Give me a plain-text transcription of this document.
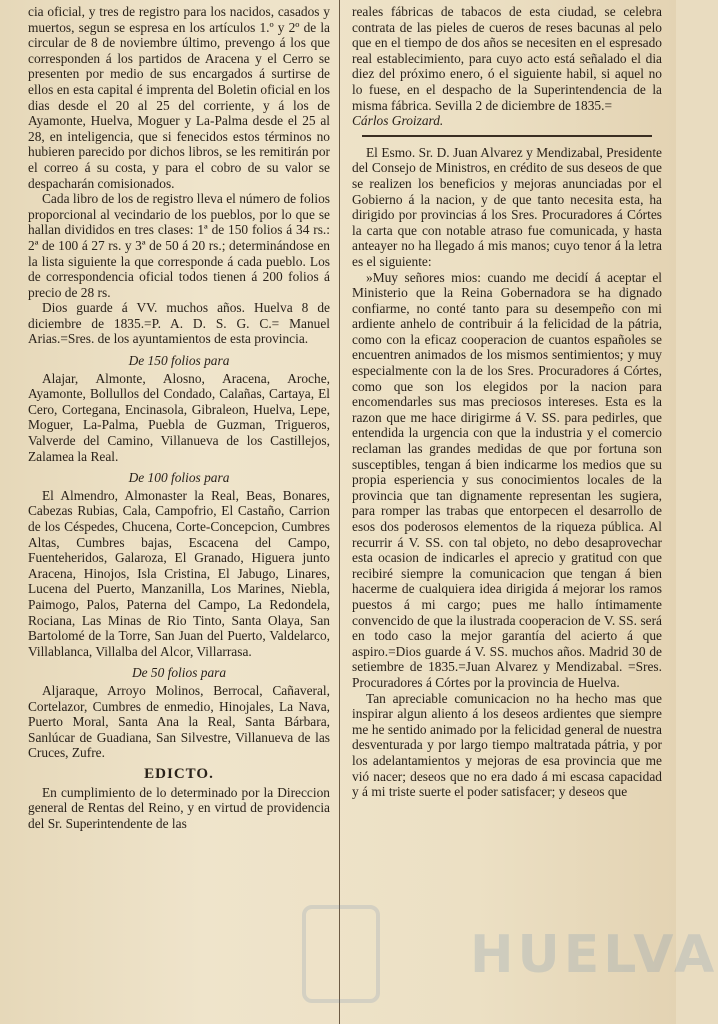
cia oficial, y tres de registro para los nacidos, casados y muertos, segun se espresa en los artículos 1.º y 2º de la circular de 8 de noviembre último, prevengo á los que corresponden á los partidos de Aracena y el Cerro se presenten por medio de sus encargados á surtirse de ellos en esta capital é imprenta del Boletin oficial en los dias desde el 20 al 25 del corriente, y á los de Ayamonte, Huelva, Moguer y La-Palma desde el 25 al 28, en inteligencia, que si fenecidos estos términos no hubieren parecido por dichos libros, se les remitirán por el correo á su costa, y para el cobro de su valor se despacharán comisionados.

Cada libro de los de registro lleva el número de folios proporcional al vecindario de los pueblos, por lo que se hallan divididos en tres clases: 1ª de 150 folios á 34 rs.: 2ª de 100 á 27 rs. y 3ª de 50 á 20 rs.; determinándose en la lista siguiente la que corresponde á cada pueblo. Los de correspondencia oficial todos tienen á 200 folios á precio de 28 rs.

Dios guarde á VV. muchos años. Huelva 8 de diciembre de 1835.=P. A. D. S. G. C.= Manuel Arias.=Sres. de los ayuntamientos de esta provincia.

De 150 folios para

Alajar, Almonte, Alosno, Aracena, Aroche, Ayamonte, Bollullos del Condado, Calañas, Cartaya, El Cero, Cortegana, Encinasola, Gibraleon, Huelva, Lepe, Moguer, La-Palma, Puebla de Guzman, Trigueros, Valverde del Camino, Villanueva de los Castillejos, Zalamea la Real.

De 100 folios para

El Almendro, Almonaster la Real, Beas, Bonares, Cabezas Rubias, Cala, Campofrio, El Castaño, Carrion de los Céspedes, Chucena, Corte-Concepcion, Cumbres Altas, Cumbres bajas, Escacena del Campo, Fuenteheridos, Galaroza, El Granado, Higuera junto Aracena, Hinojos, Isla Cristina, El Jabugo, Linares, Lucena del Puerto, Manzanilla, Los Marines, Niebla, Paimogo, Palos, Paterna del Campo, La Redondela, Rociana, Las Minas de Rio Tinto, Santa Olaya, San Bartolomé de la Torre, San Juan del Puerto, Valdelarco, Villablanca, Villalba del Alcor, Villarrasa.

De 50 folios para

Aljaraque, Arroyo Molinos, Berrocal, Cañaveral, Cortelazor, Cumbres de enmedio, Hinojales, La Nava, Puerto Moral, Santa Ana la Real, Santa Bárbara, Sanlúcar de Guadiana, San Silvestre, Villanueva de las Cruces, Zufre.

EDICTO.

En cumplimiento de lo determinado por la Direccion general de Rentas del Reino, y en virtud de providencia del Sr. Superintendente de las

reales fábricas de tabacos de esta ciudad, se celebra contrata de las pieles de cueros de reses bacunas al pelo que en el tiempo de dos años se necesiten en el espresado real establecimiento, para cuyo acto está señalado el dia diez del próximo enero, ó el siguiente habil, si aquel no lo fuese, en el despacho de la Superintendencia de la misma fábrica. Sevilla 2 de diciembre de 1835.=

Cárlos Groizard.

El Esmo. Sr. D. Juan Alvarez y Mendizabal, Presidente del Consejo de Ministros, en crédito de sus deseos de que se realizen los beneficios y mejoras anunciadas por el Gobierno á la nacion, y de que tanto necesita esta, ha dirigido por provincias á los Sres. Procuradores á Córtes la carta que con notable atraso fue comunicada, y hasta anteayer no ha llegado á mis manos; cuyo tenor á la letra es el siguiente:

»Muy señores mios: cuando me decidí á aceptar el Ministerio que la Reina Gobernadora se ha dignado confiarme, no conté tanto para su desempeño con mi ardiente anhelo de contribuir á la felicidad de la pátria, como con la eficaz cooperacion de cuantos españoles se encuentren animados de los mismos sentimientos; y muy especialmente con la de los Sres. Procuradores á Córtes, como que son los elegidos por la nacion para encomendarles sus mas preciosos intereses. Esta es la razon que me hace dirigirme á V. SS. para pedirles, que entendida la urgencia con que la industria y el comercio reclaman las grandes medidas de que por fortuna son susceptibles, tengan á bien indicarme los medios que su propia esperiencia y sus conocimientos locales de la provincia que tan dignamente representan les sugiera, para romper las trabas que entorpecen el desarrollo de esos dos poderosos elementos de la riqueza pública. Al recurrir á V. SS. con tal objeto, no debo desaprovechar esta ocasion de indicarles el aprecio y gratitud con que recibiré siempre la comunicacion que tengan á bien hacerme de cualquiera idea dirigida á mejorar los ramos puestos á mi cargo; pues me hallo íntimamente convencido de que la ilustrada cooperacion de V. SS. será en todo caso la mejor garantía del acierto á que aspiro.=Dios guarde á V. SS. muchos años. Madrid 30 de setiembre de 1835.=Juan Alvarez y Mendizabal. =Sres. Procuradores á Córtes por la provincia de Huelva.

Tan apreciable comunicacion no ha hecho mas que inspirar algun aliento á los deseos ardientes que siempre me he sentido animado por la felicidad general de nuestra desventurada y por largo tiempo maltratada pátria, y por los adelantamientos y mejoras de esa provincia que me vió nacer; deseos que no era dado á mi escasa capacidad y á mi triste suerte el poder satisfacer; y deseos que

HUELVA
